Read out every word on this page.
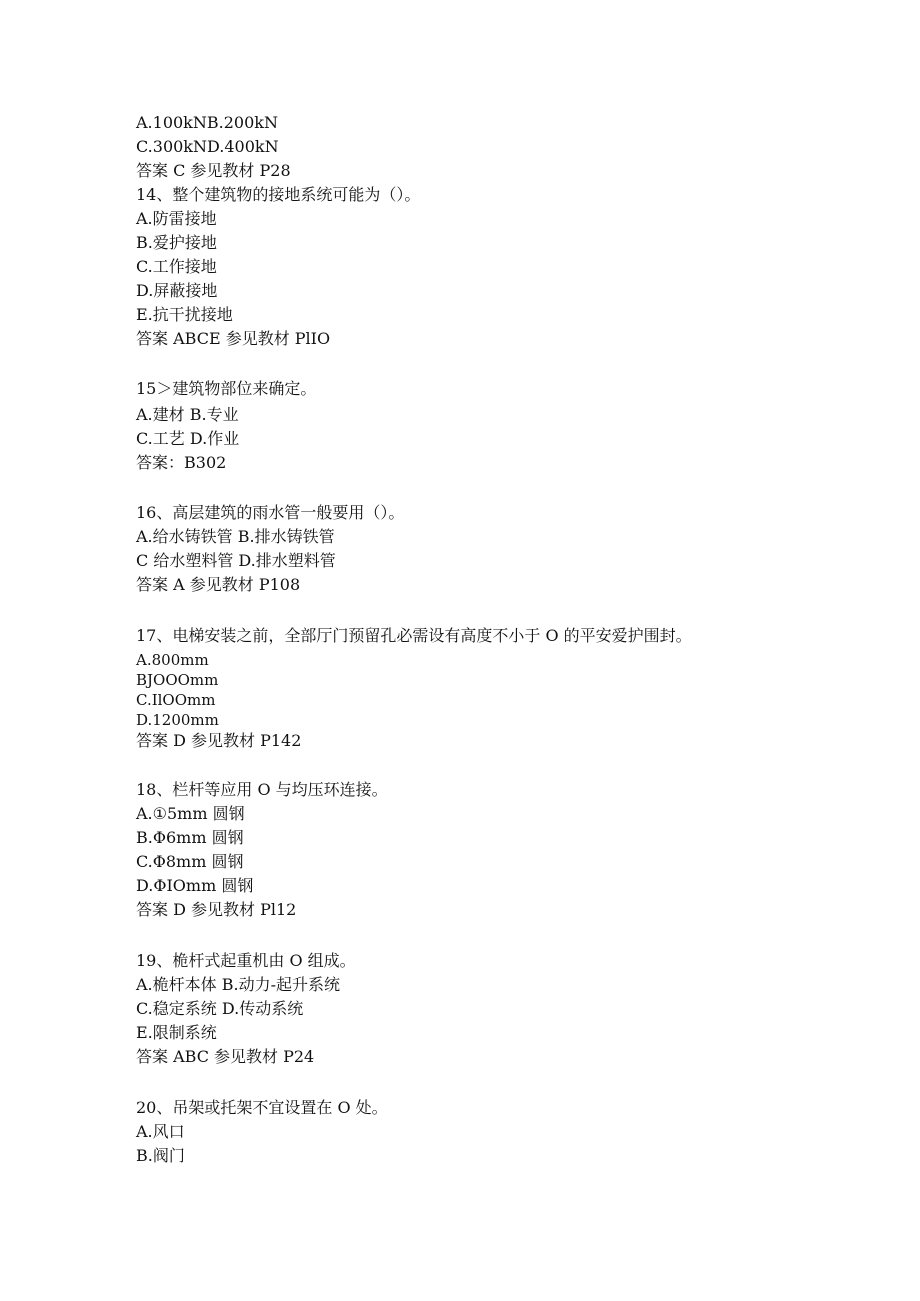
A.100kNB.200kN
C.300kND.400kN
答案 C 参见教材 P28
14、整个建筑物的接地系统可能为（）。
A.防雷接地
B.爱护接地
C.工作接地
D.屏蔽接地
E.抗干扰接地
答案 ABCE 参见教材 PlIO
15＞建筑物部位来确定。
A.建材 B.专业
C.工艺 D.作业
答案：B302
16、高层建筑的雨水管一般要用（）。
A.给水铸铁管 B.排水铸铁管
C 给水塑料管 D.排水塑料管
答案 A 参见教材 P108
17、电梯安装之前，全部厅门预留孔必需设有高度不小于 O 的平安爱护围封。
A.800mm
BJOOOmm
C.IlOOmm
D.1200mm
答案 D 参见教材 P142
18、栏杆等应用 O 与均压环连接。
A.①5mm 圆钢
B.Φ6mm 圆钢
C.Φ8mm 圆钢
D.ΦIOmm 圆钢
答案 D 参见教材 Pl12
19、桅杆式起重机由 O 组成。
A.桅杆本体 B.动力-起升系统
C.稳定系统 D.传动系统
E.限制系统
答案 ABC 参见教材 P24
20、吊架或托架不宜设置在 O 处。
A.风口
B.阀门
